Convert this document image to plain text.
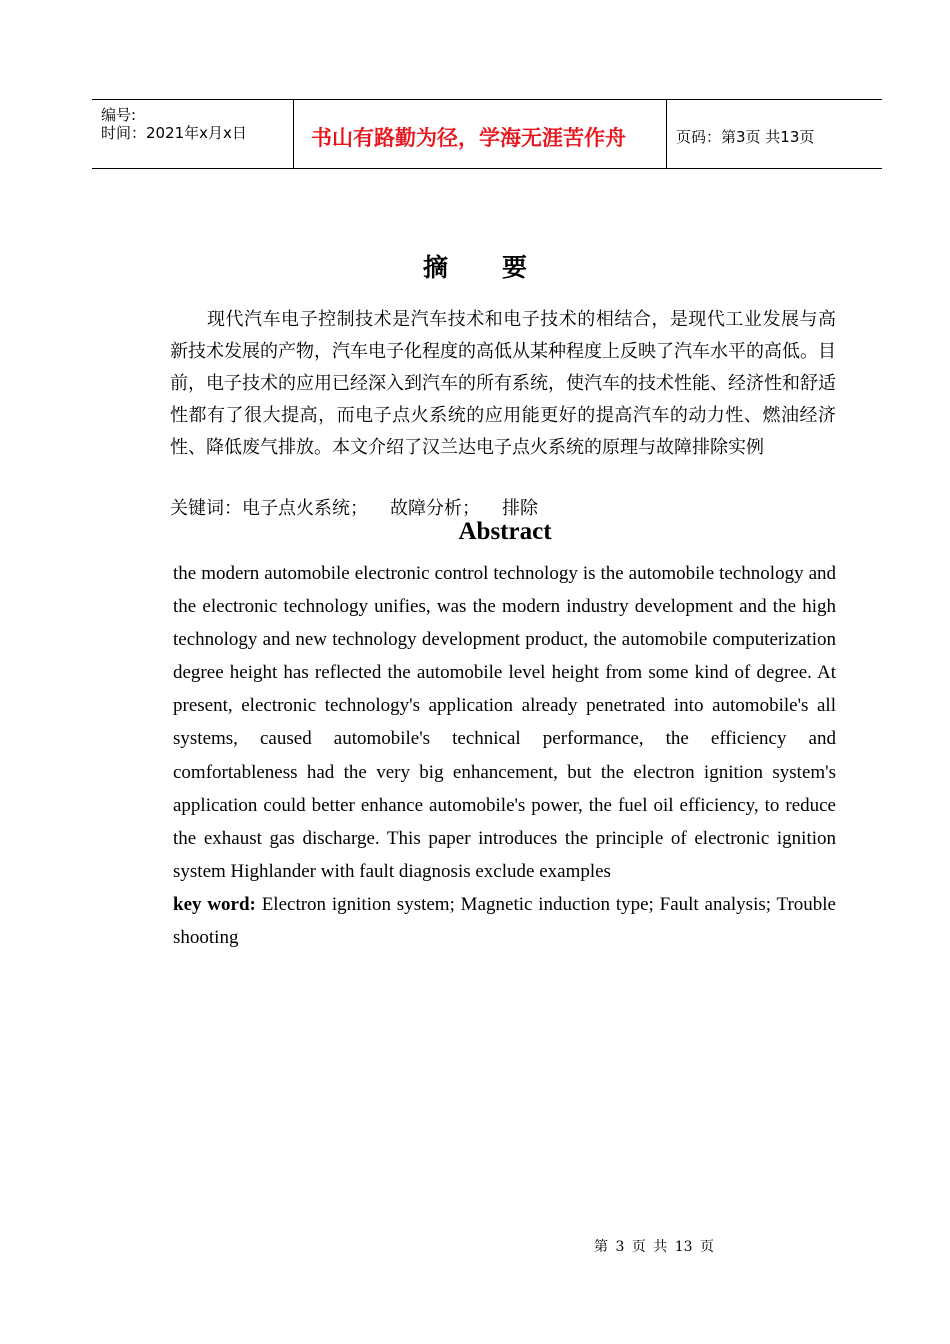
编号:
时间：2021年x月x日	书山有路勤为径，学海无涯苦作舟	页码：第3页 共13页
摘要
现代汽车电子控制技术是汽车技术和电子技术的相结合，是现代工业发展与高新技术发展的产物，汽车电子化程度的高低从某种程度上反映了汽车水平的高低。目前，电子技术的应用已经深入到汽车的所有系统，使汽车的技术性能、经济性和舒适性都有了很大提高，而电子点火系统的应用能更好的提高汽车的动力性、燃油经济性、降低废气排放。本文介绍了汉兰达电子点火系统的原理与故障排除实例
关键词：电子点火系统； 故障分析； 排除
Abstract
the modern automobile electronic control technology is the automobile technology and the electronic technology unifies, was the modern industry development and the high technology and new technology development product, the automobile computerization degree height has reflected the automobile level height from some kind of degree. At present, electronic technology's application already penetrated into automobile's all systems, caused automobile's technical performance, the efficiency and comfortableness had the very big enhancement, but the electron ignition system's application could better enhance automobile's power, the fuel oil efficiency, to reduce the exhaust gas discharge. This paper introduces the principle of electronic ignition system Highlander with fault diagnosis exclude examples
key word: Electron ignition system; Magnetic induction type; Fault analysis; Trouble shooting
第 3 页 共 13 页
